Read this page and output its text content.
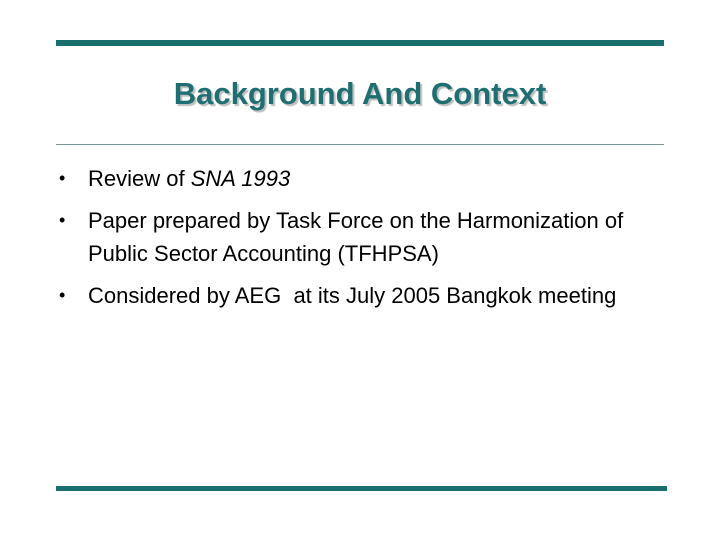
Background And Context
• Review of SNA 1993
• Paper prepared by Task Force on the Harmonization of Public Sector Accounting (TFHPSA)
• Considered by AEG  at its July 2005 Bangkok meeting
